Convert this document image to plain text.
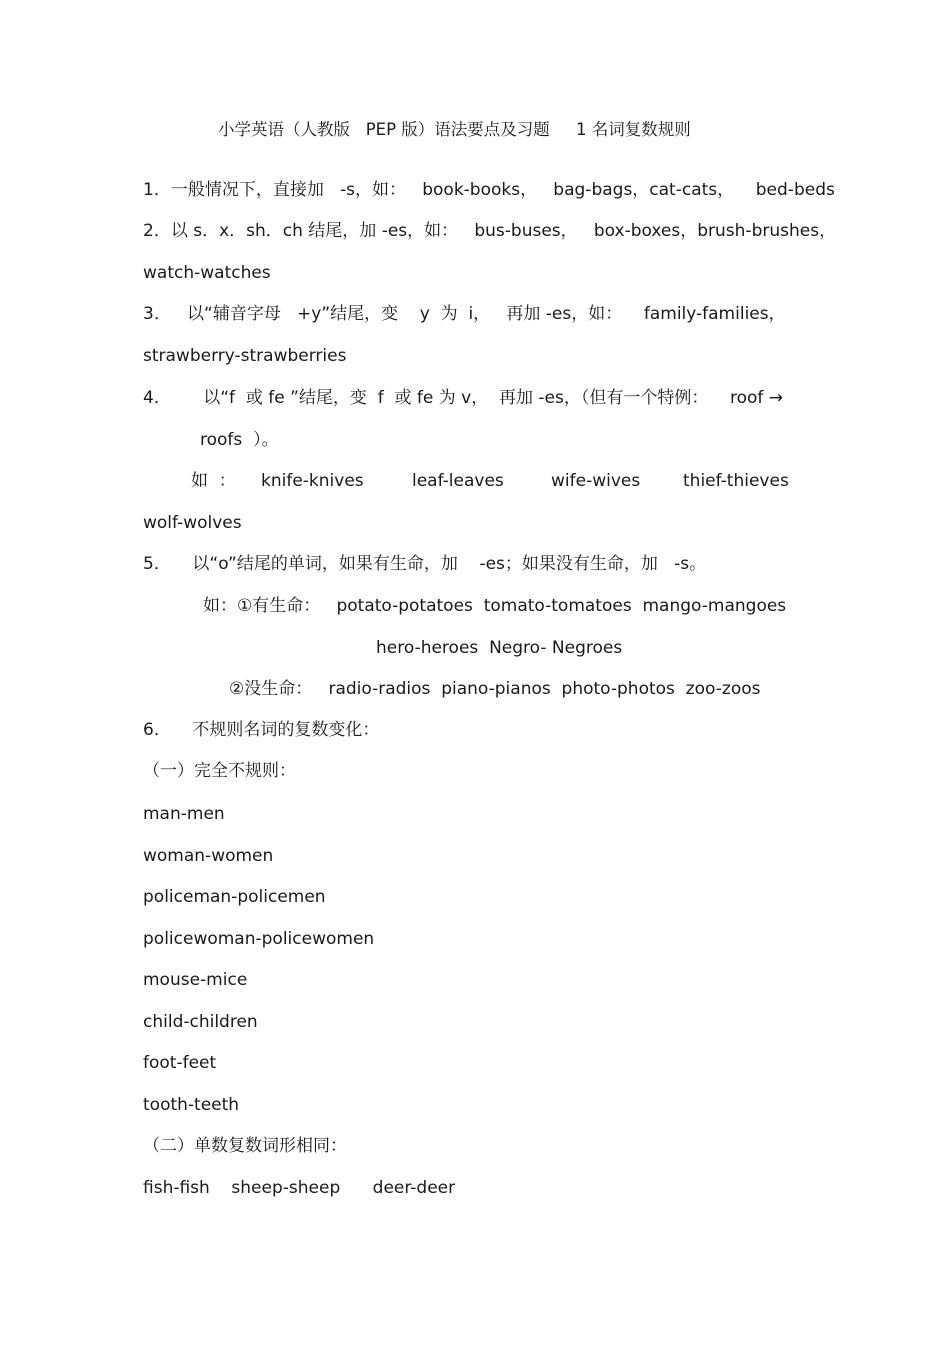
小学英语（人教版   PEP 版）语法要点及习题     1 名词复数规则

1．一般情况下，直接加   -s，如：   book-books，   bag-bags，cat-cats，    bed-beds

2．以 s．x．sh．ch 结尾，加 -es，如：   bus-buses，   box-boxes，brush-brushes，

watch-watches

3．   以“辅音字母   +y”结尾，变    y  为  i，   再加 -es，如：    family-families，

strawberry-strawberries

4．      以“f  或 fe ”结尾，变  f  或 fe 为 v，  再加 -es，（但有一个特例：    roof →

roofs  ）。

如  ： knife-knives	leaf-leaves	wife-wives	thief-thieves

wolf-wolves

5．    以“o”结尾的单词，如果有生命，加    -es；如果没有生命，加   -s。

如：①有生命：   potato-potatoes  tomato-tomatoes  mango-mangoes

hero-heroes  Negro- Negroes

②没生命：   radio-radios  piano-pianos  photo-photos  zoo-zoos

6．    不规则名词的复数变化：

（一）完全不规则：

man-men

woman-women

policeman-policemen

policewoman-policewomen

mouse-mice

child-children

foot-feet

tooth-teeth

（二）单数复数词形相同：

fish-fish    sheep-sheep      deer-deer
